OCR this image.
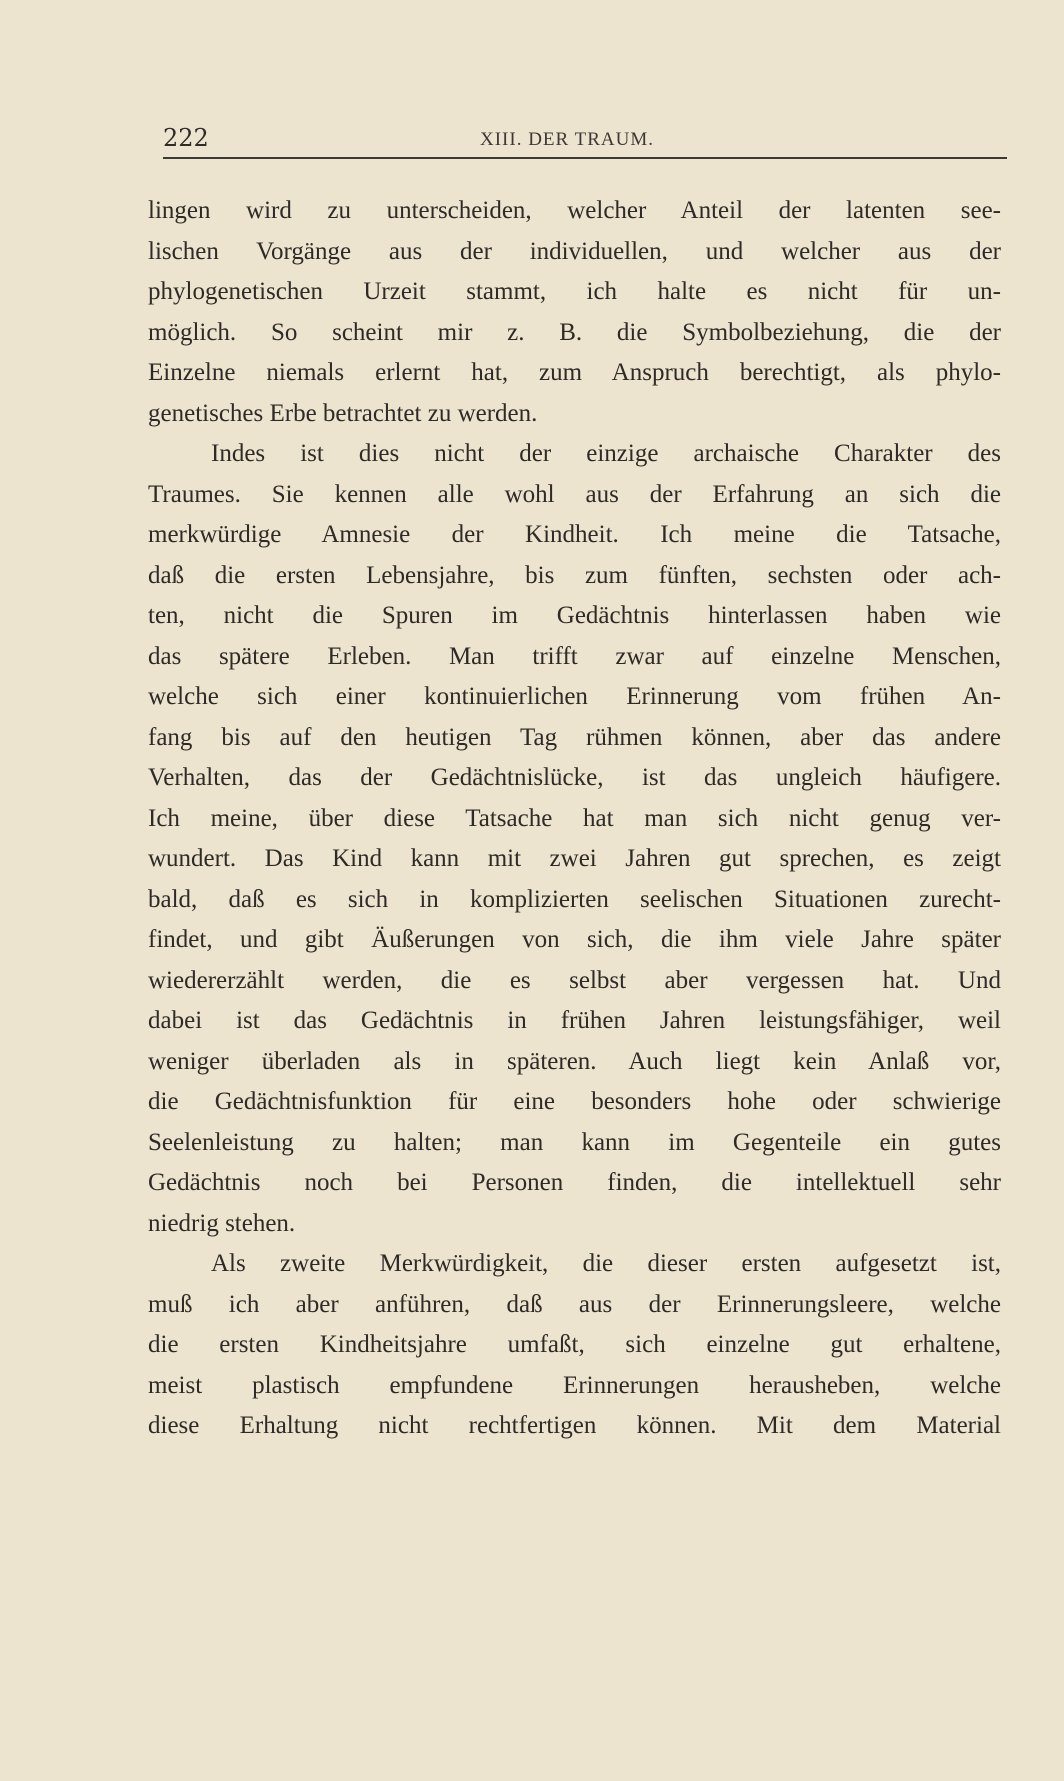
222	XIII. DER TRAUM.
lingen wird zu unterscheiden, welcher Anteil der latenten see-
lischen Vorgänge aus der individuellen, und welcher aus der
phylogenetischen Urzeit stammt, ich halte es nicht für un-
möglich. So scheint mir z. B. die Symbolbeziehung, die der
Einzelne niemals erlernt hat, zum Anspruch berechtigt, als phylo-
genetisches Erbe betrachtet zu werden.
Indes ist dies nicht der einzige archaische Charakter des
Traumes. Sie kennen alle wohl aus der Erfahrung an sich die
merkwürdige Amnesie der Kindheit. Ich meine die Tatsache,
daß die ersten Lebensjahre, bis zum fünften, sechsten oder ach-
ten, nicht die Spuren im Gedächtnis hinterlassen haben wie
das spätere Erleben. Man trifft zwar auf einzelne Menschen,
welche sich einer kontinuierlichen Erinnerung vom frühen An-
fang bis auf den heutigen Tag rühmen können, aber das andere
Verhalten, das der Gedächtnislücke, ist das ungleich häufigere.
Ich meine, über diese Tatsache hat man sich nicht genug ver-
wundert. Das Kind kann mit zwei Jahren gut sprechen, es zeigt
bald, daß es sich in komplizierten seelischen Situationen zurecht-
findet, und gibt Äußerungen von sich, die ihm viele Jahre später
wiedererzählt werden, die es selbst aber vergessen hat. Und
dabei ist das Gedächtnis in frühen Jahren leistungsfähiger, weil
weniger überladen als in späteren. Auch liegt kein Anlaß vor,
die Gedächtnisfunktion für eine besonders hohe oder schwierige
Seelenleistung zu halten; man kann im Gegenteile ein gutes
Gedächtnis noch bei Personen finden, die intellektuell sehr
niedrig stehen.
Als zweite Merkwürdigkeit, die dieser ersten aufgesetzt ist,
muß ich aber anführen, daß aus der Erinnerungsleere, welche
die ersten Kindheitsjahre umfaßt, sich einzelne gut erhaltene,
meist plastisch empfundene Erinnerungen herausheben, welche
diese Erhaltung nicht rechtfertigen können. Mit dem Material
